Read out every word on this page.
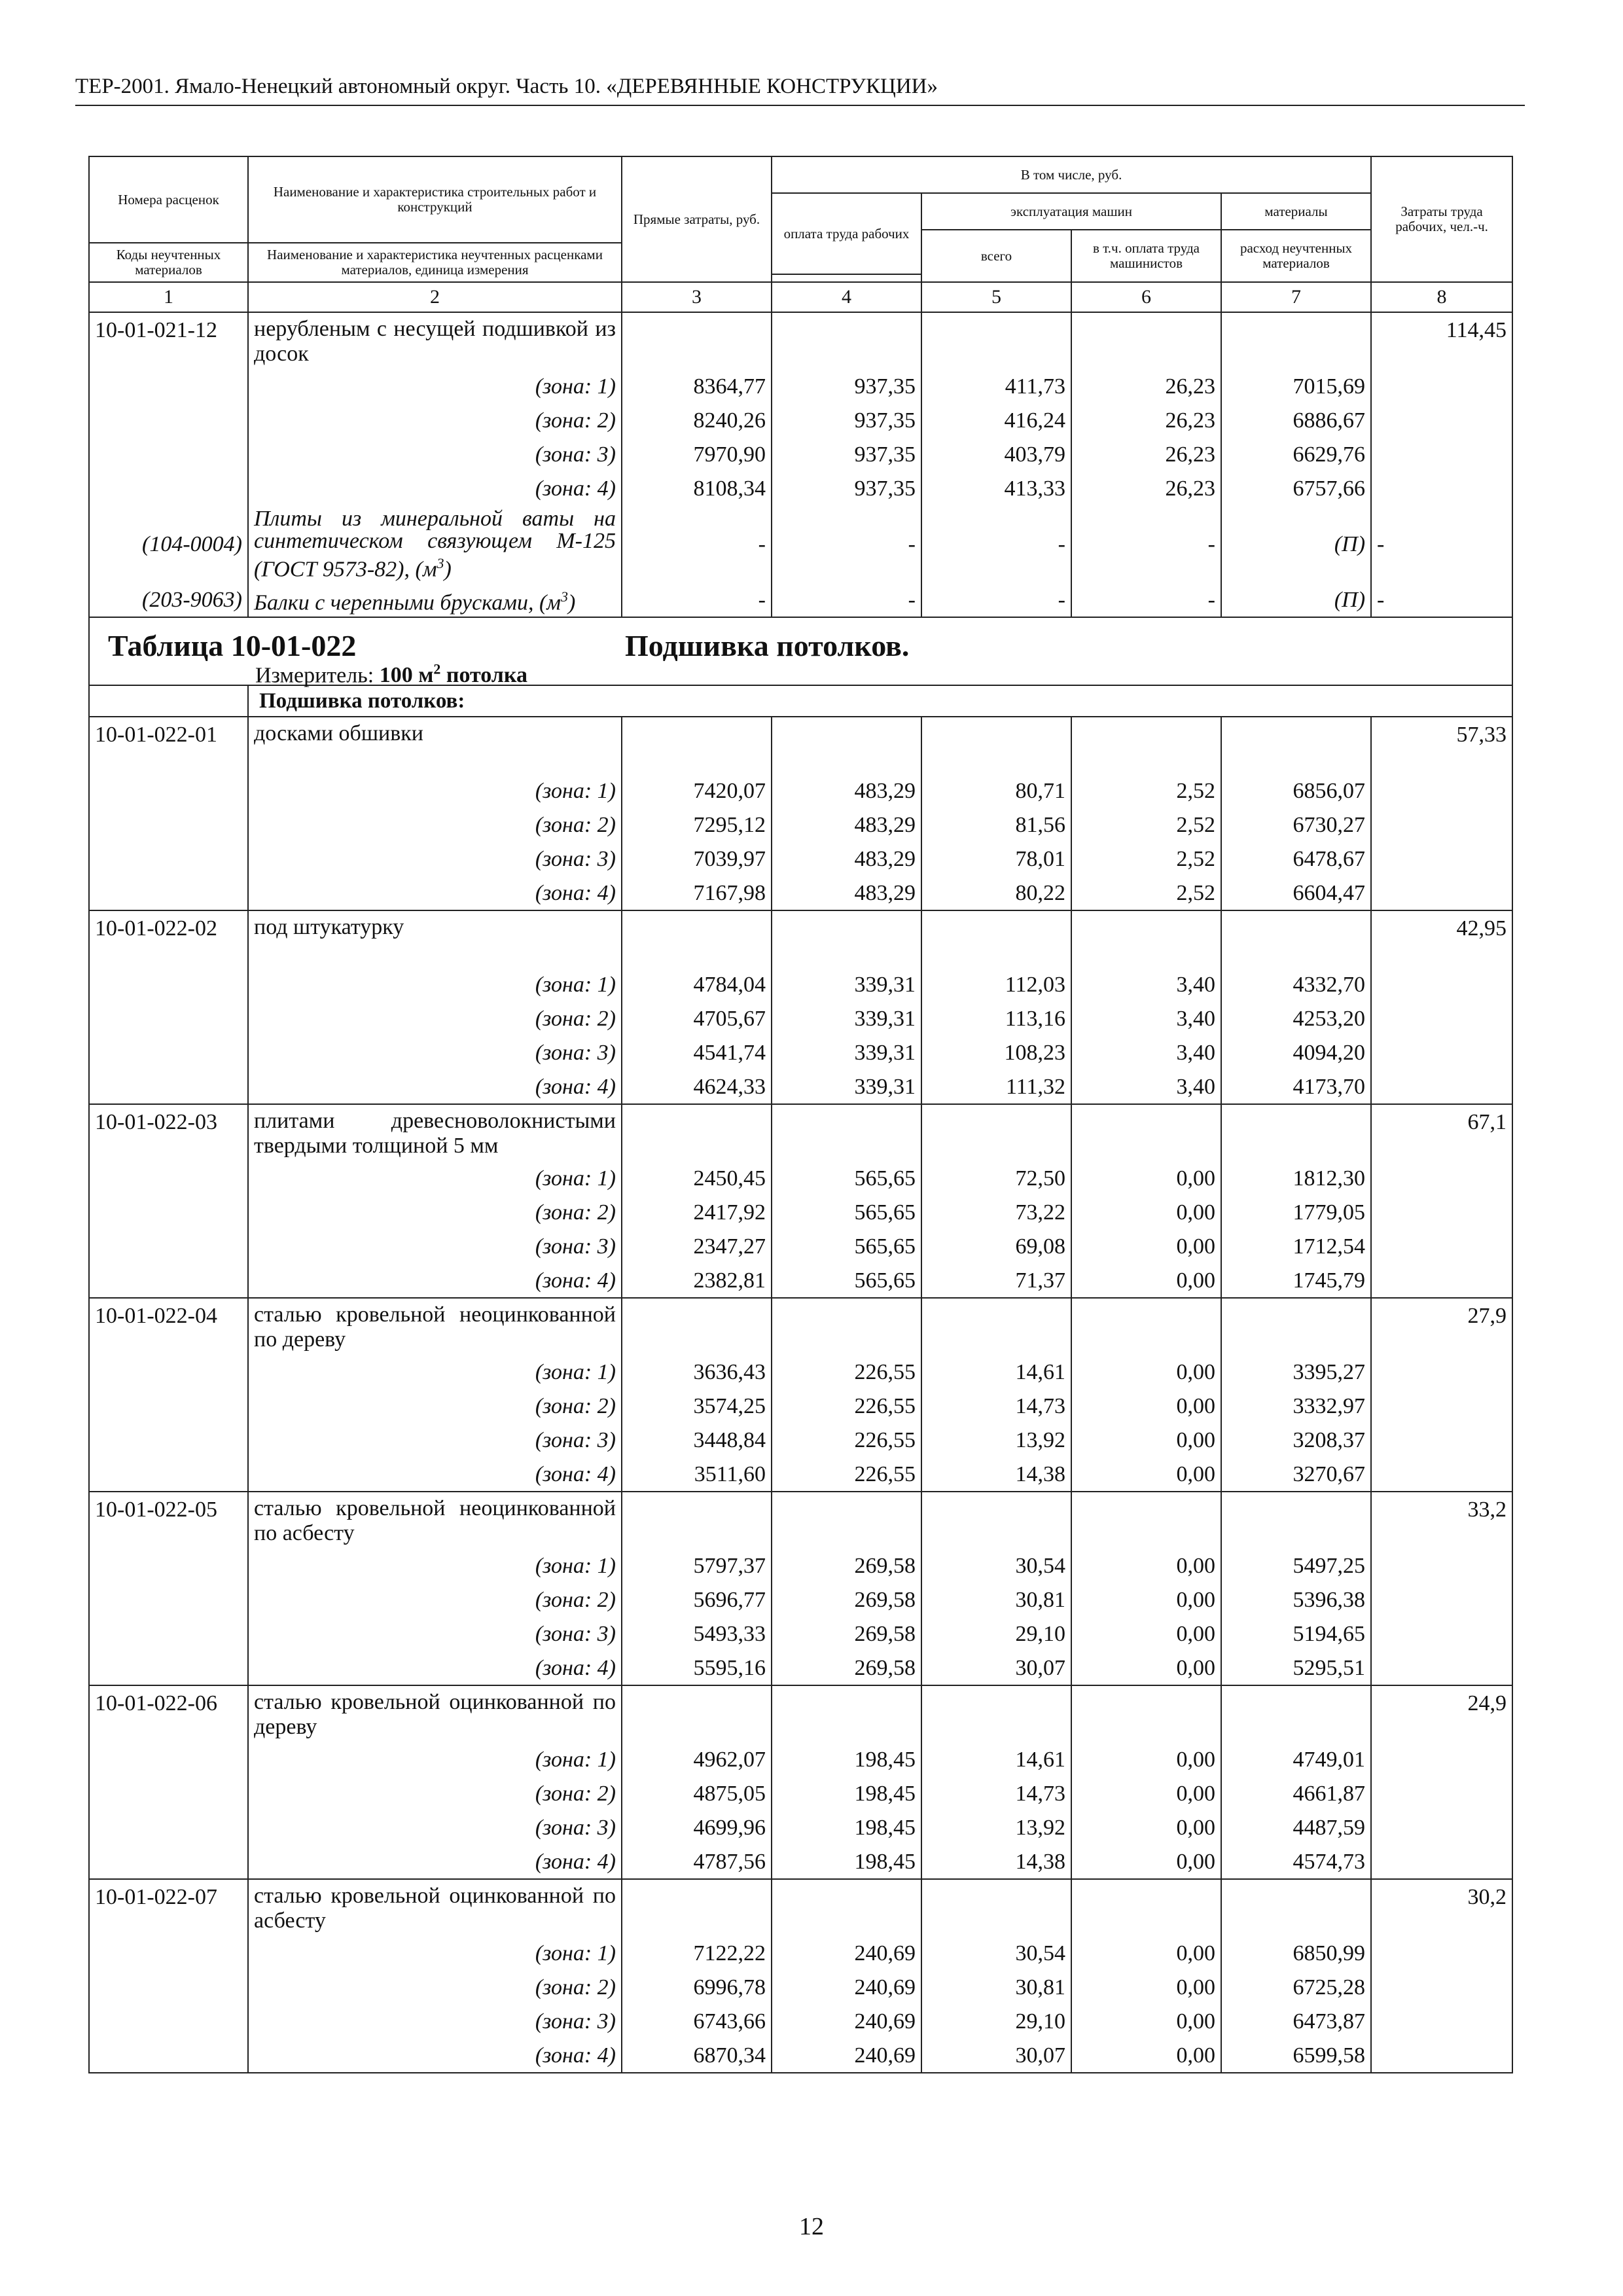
ТЕР-2001. Ямало-Ненецкий автономный округ. Часть 10. «ДЕРЕВЯННЫЕ КОНСТРУКЦИИ»
Номера расценок	Наименование и характеристика строительных работ и конструкций	Прямые затраты, руб.	В том числе, руб.				Затраты труда рабочих, чел.-ч.
			оплата труда рабочих	эксплуатация машин		материалы	
				всего	в т.ч. оплата труда машинистов	расход неучтенных материалов	
Коды неучтенных материалов	Наименование и характеристика неучтенных расценками материалов, единица измерения						

1	2	3	4	5	6	7	8
10-01-021-12	нерубленым с несущей подшивкой из досок						114,45
	(зона: 1)	8364,77	937,35	411,73	26,23	7015,69	
	(зона: 2)	8240,26	937,35	416,24	26,23	6886,67	
	(зона: 3)	7970,90	937,35	403,79	26,23	6629,76	
	(зона: 4)	8108,34	937,35	413,33	26,23	6757,66	
(104-0004)	Плиты из минеральной ваты на синтетическом связующем М-125 (ГОСТ 9573-82), $(м^3)$	-	-	-	-	(П)	-
(203-9063)	Балки с черепными брусками, $(м^3)$	-	-	-	-	(П)	-

Таблица 10-01-022 Подшивка потолков.
Измеритель: 100 $м^2$ потолка							

	Подшивка потолков:						
10-01-022-01	досками обшивки						57,33
	(зона: 1)	7420,07	483,29	80,71	2,52	6856,07	
	(зона: 2)	7295,12	483,29	81,56	2,52	6730,27	
	(зона: 3)	7039,97	483,29	78,01	2,52	6478,67	
	(зона: 4)	7167,98	483,29	80,22	2,52	6604,47	
10-01-022-02	под штукатурку						42,95
	(зона: 1)	4784,04	339,31	112,03	3,40	4332,70	
	(зона: 2)	4705,67	339,31	113,16	3,40	4253,20	
	(зона: 3)	4541,74	339,31	108,23	3,40	4094,20	
	(зона: 4)	4624,33	339,31	111,32	3,40	4173,70	
10-01-022-03	плитами древесноволокнистыми твердыми толщиной 5 мм						67,1
	(зона: 1)	2450,45	565,65	72,50	0,00	1812,30	
	(зона: 2)	2417,92	565,65	73,22	0,00	1779,05	
	(зона: 3)	2347,27	565,65	69,08	0,00	1712,54	
	(зона: 4)	2382,81	565,65	71,37	0,00	1745,79	
10-01-022-04	сталью кровельной неоцинкованной по дереву						27,9
	(зона: 1)	3636,43	226,55	14,61	0,00	3395,27	
	(зона: 2)	3574,25	226,55	14,73	0,00	3332,97	
	(зона: 3)	3448,84	226,55	13,92	0,00	3208,37	
	(зона: 4)	3511,60	226,55	14,38	0,00	3270,67	
10-01-022-05	сталью кровельной неоцинкованной по асбесту						33,2
	(зона: 1)	5797,37	269,58	30,54	0,00	5497,25	
	(зона: 2)	5696,77	269,58	30,81	0,00	5396,38	
	(зона: 3)	5493,33	269,58	29,10	0,00	5194,65	
	(зона: 4)	5595,16	269,58	30,07	0,00	5295,51	
10-01-022-06	сталью кровельной оцинкованной по дереву						24,9
	(зона: 1)	4962,07	198,45	14,61	0,00	4749,01	
	(зона: 2)	4875,05	198,45	14,73	0,00	4661,87	
	(зона: 3)	4699,96	198,45	13,92	0,00	4487,59	
	(зона: 4)	4787,56	198,45	14,38	0,00	4574,73	
10-01-022-07	сталью кровельной оцинкованной по асбесту						30,2
	(зона: 1)	7122,22	240,69	30,54	0,00	6850,99	
	(зона: 2)	6996,78	240,69	30,81	0,00	6725,28	
	(зона: 3)	6743,66	240,69	29,10	0,00	6473,87	
	(зона: 4)	6870,34	240,69	30,07	0,00	6599,58	
12
